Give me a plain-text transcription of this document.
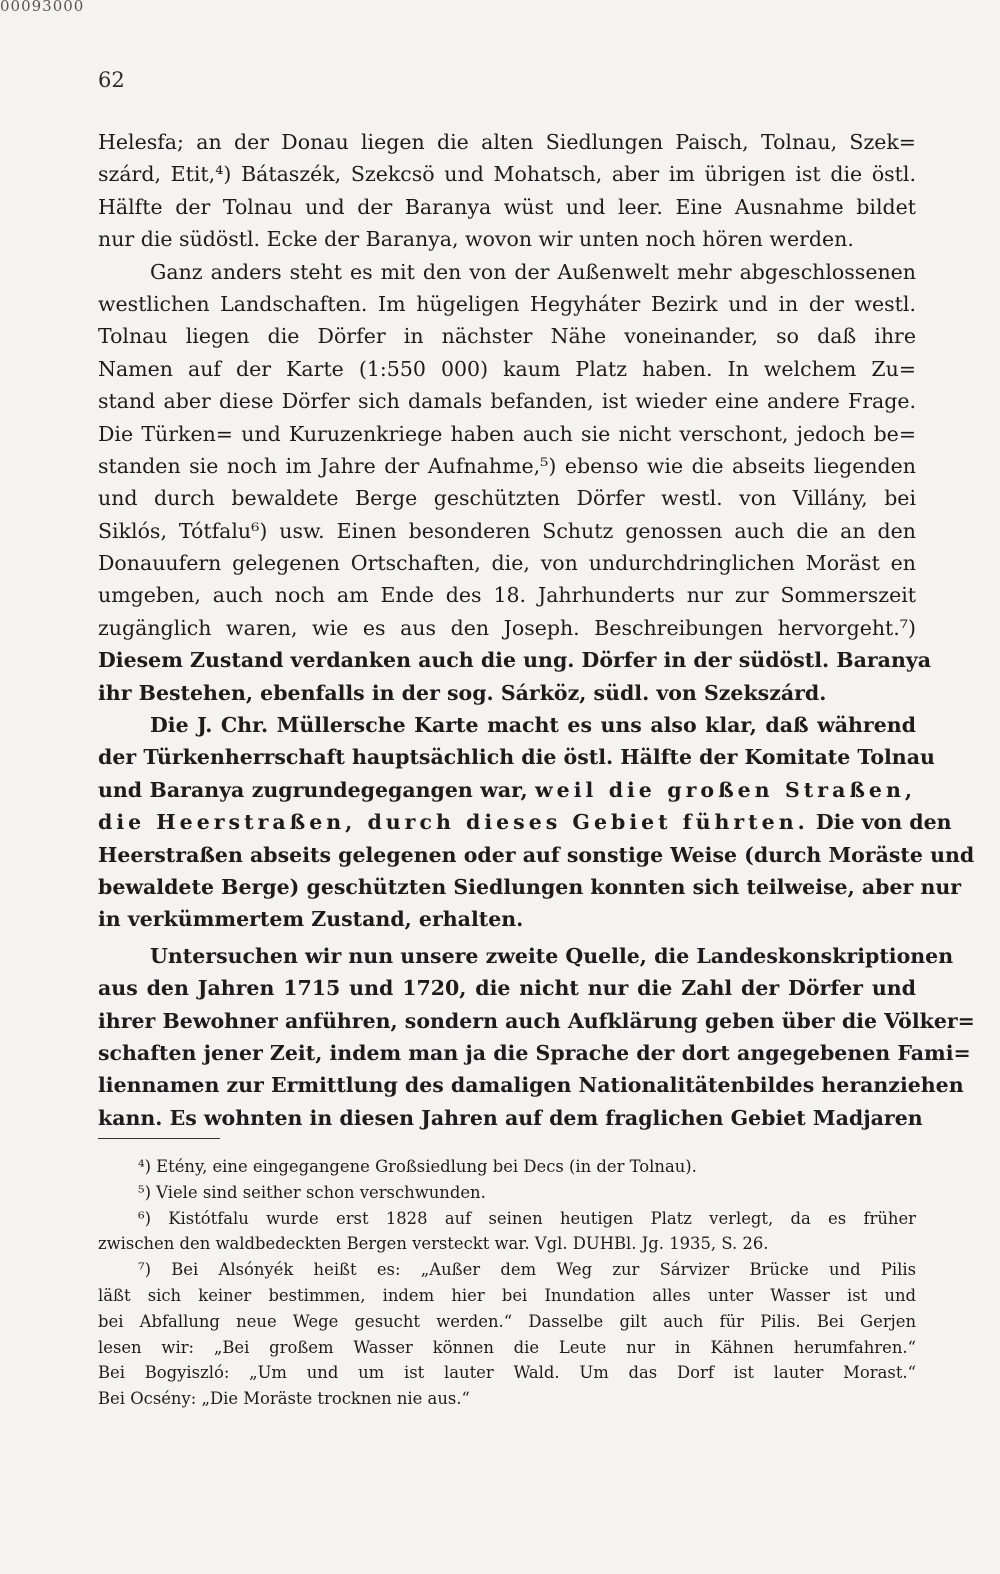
00093000
62
Helesfa; an der Donau liegen die alten Siedlungen Paisch, Tolnau, Szek=
szárd, Etit,⁴) Bátaszék, Szekcsö und Mohatsch, aber im übrigen ist die östl.
Hälfte der Tolnau und der Baranya wüst und leer. Eine Ausnahme bildet
nur die südöstl. Ecke der Baranya, wovon wir unten noch hören werden.
Ganz anders steht es mit den von der Außenwelt mehr abgeschlossenen
westlichen Landschaften. Im hügeligen Hegyháter Bezirk und in der westl.
Tolnau liegen die Dörfer in nächster Nähe voneinander, so daß ihre
Namen auf der Karte (1:550 000) kaum Platz haben. In welchem Zu=
stand aber diese Dörfer sich damals befanden, ist wieder eine andere Frage.
Die Türken= und Kuruzenkriege haben auch sie nicht verschont, jedoch be=
standen sie noch im Jahre der Aufnahme,⁵) ebenso wie die abseits liegenden
und durch bewaldete Berge geschützten Dörfer westl. von Villány, bei
Siklós, Tótfalu⁶) usw. Einen besonderen Schutz genossen auch die an den
Donauufern gelegenen Ortschaften, die, von undurchdringlichen Moräst en
umgeben, auch noch am Ende des 18. Jahrhunderts nur zur Sommerszeit
zugänglich waren, wie es aus den Joseph. Beschreibungen hervorgeht.⁷)
Diesem Zustand verdanken auch die ung. Dörfer in der südöstl. Baranya
ihr Bestehen, ebenfalls in der sog. Sárköz, südl. von Szekszárd.
Die J. Chr. Müllersche Karte macht es uns also klar, daß während
der Türkenherrschaft hauptsächlich die östl. Hälfte der Komitate Tolnau
und Baranya zugrundegegangen war, weil die großen Straßen,
die Heerstraßen, durch dieses Gebiet führten. Die von den
Heerstraßen abseits gelegenen oder auf sonstige Weise (durch Moräste und
bewaldete Berge) geschützten Siedlungen konnten sich teilweise, aber nur
in verkümmertem Zustand, erhalten.
Untersuchen wir nun unsere zweite Quelle, die Landeskonskriptionen
aus den Jahren 1715 und 1720, die nicht nur die Zahl der Dörfer und
ihrer Bewohner anführen, sondern auch Aufklärung geben über die Völker=
schaften jener Zeit, indem man ja die Sprache der dort angegebenen Fami=
liennamen zur Ermittlung des damaligen Nationalitätenbildes heranziehen
kann. Es wohnten in diesen Jahren auf dem fraglichen Gebiet Madjaren
⁴) Etény, eine eingegangene Großsiedlung bei Decs (in der Tolnau).
⁵) Viele sind seither schon verschwunden.
⁶) Kistótfalu wurde erst 1828 auf seinen heutigen Platz verlegt, da es früher
zwischen den waldbedeckten Bergen versteckt war. Vgl. DUHBl. Jg. 1935, S. 26.
⁷) Bei Alsónyék heißt es: „Außer dem Weg zur Sárvizer Brücke und Pilis
läßt sich keiner bestimmen, indem hier bei Inundation alles unter Wasser ist und
bei Abfallung neue Wege gesucht werden.“ Dasselbe gilt auch für Pilis. Bei Gerjen
lesen wir: „Bei großem Wasser können die Leute nur in Kähnen herumfahren.“
Bei Bogyiszló: „Um und um ist lauter Wald. Um das Dorf ist lauter Morast.“
Bei Ocsény: „Die Moräste trocknen nie aus.“
